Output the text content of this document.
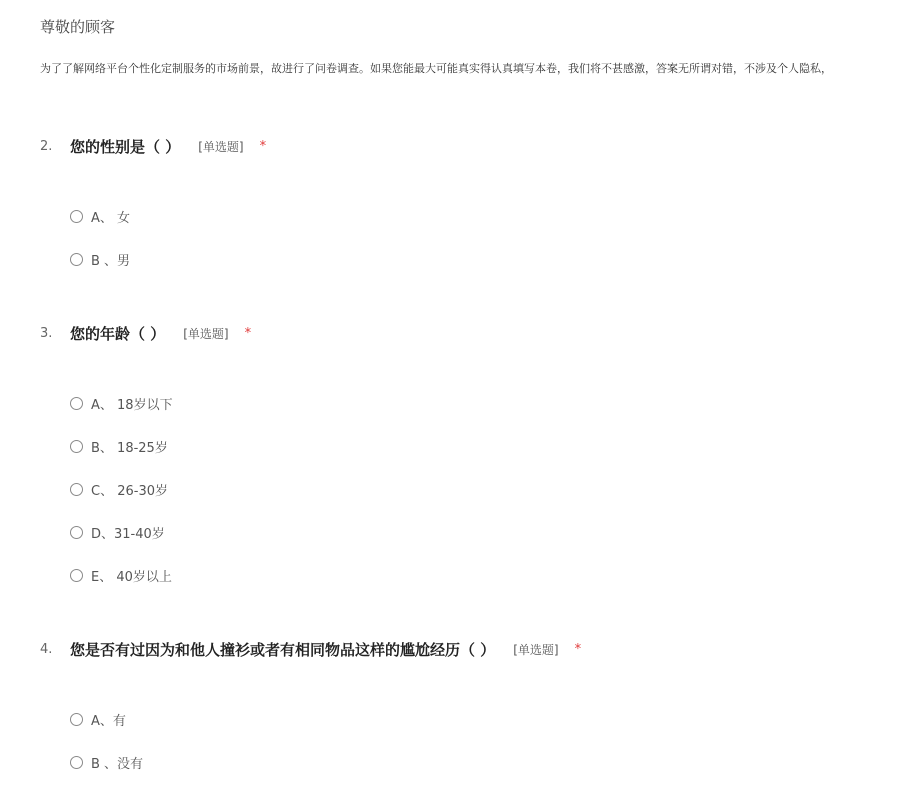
尊敬的顾客
为了了解网络平台个性化定制服务的市场前景，故进行了问卷调查。如果您能最大可能真实得认真填写本卷，我们将不甚感激，答案无所谓对错，不涉及个人隐私，
2. 您的性别是（ ） [单选题] *
A、 女
B 、男
3. 您的年龄（ ） [单选题] *
A、 18岁以下
B、 18-25岁
C、 26-30岁
D、31-40岁
E、 40岁以上
4. 您是否有过因为和他人撞衫或者有相同物品这样的尴尬经历（ ） [单选题] *
A、有
B 、没有
